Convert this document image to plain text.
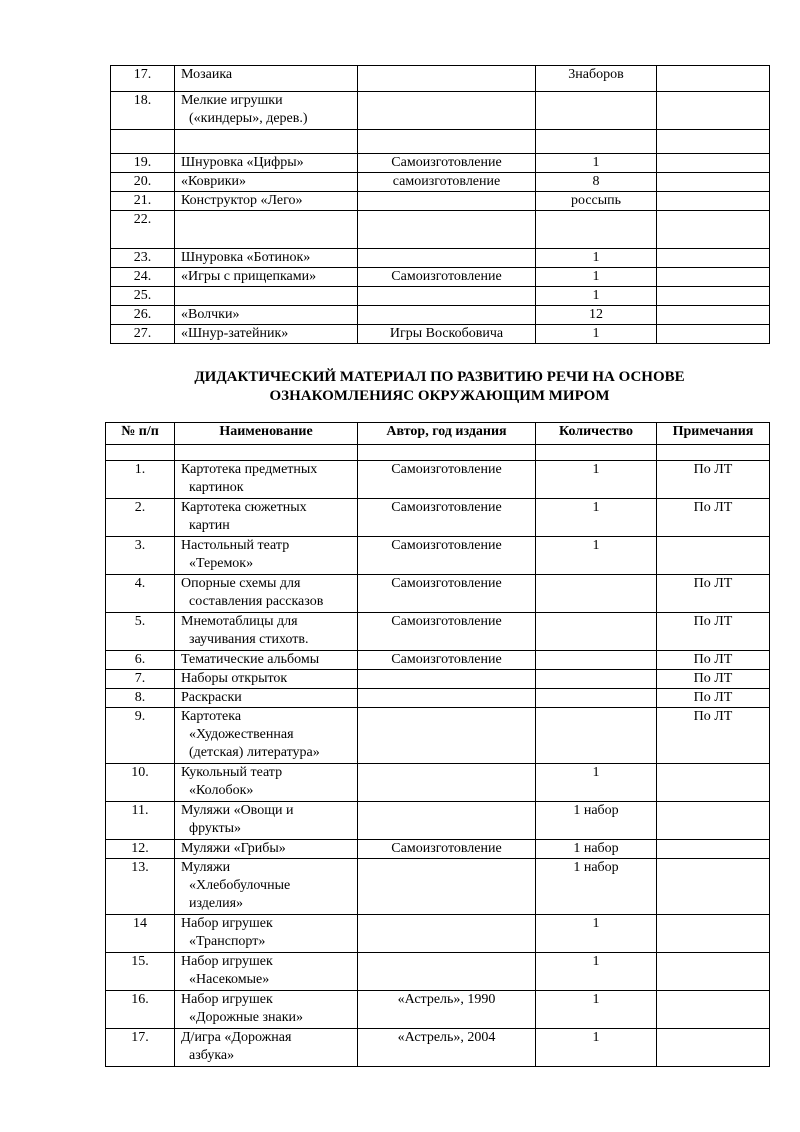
17.	Мозаика		3наборов	
18.	Мелкие игрушки
(«киндеры», дерев.)			

19.	Шнуровка «Цифры»	Самоизготовление	1	
20.	«Коврики»	самоизготовление	8	
21.	Конструктор «Лего»		россыпь	
22.	

23.	Шнуровка «Ботинок»		1	
24.	«Игры с прищепками»	Самоизготовление	1	
25.			1	
26.	«Волчки»		12	
27.	«Шнур-затейник»	Игры Воскобовича	1	
ДИДАКТИЧЕСКИЙ МАТЕРИАЛ ПО РАЗВИТИЮ РЕЧИ НА ОСНОВЕ
ОЗНАКОМЛЕНИЯС ОКРУЖАЮЩИМ МИРОМ
№ п/п	Наименование	Автор, год издания	Количество	Примечания

1.	Картотека предметных
картинок	Самоизготовление	1	По ЛТ
2.	Картотека сюжетных
картин	Самоизготовление	1	По ЛТ
3.	Настольный театр
«Теремок»	Самоизготовление	1	
4.	Опорные схемы для
составления рассказов	Самоизготовление		По ЛТ
5.	Мнемотаблицы для
заучивания стихотв.	Самоизготовление		По ЛТ
6.	Тематические альбомы	Самоизготовление		По ЛТ
7.	Наборы открыток			По ЛТ
8.	Раскраски			По ЛТ
9.	Картотека
«Художественная
(детская) литература»			По ЛТ
10.	Кукольный театр
«Колобок»		1	
11.	Муляжи «Овощи и
фрукты»		1 набор	
12.	Муляжи «Грибы»	Самоизготовление	1 набор	
13.	Муляжи
«Хлебобулочные
изделия»		1 набор	
14	Набор игрушек
«Транспорт»		1	
15.	Набор игрушек
«Насекомые»		1	
16.	Набор игрушек
«Дорожные знаки»	«Астрель», 1990	1	
17.	Д/игра «Дорожная
азбука»	«Астрель», 2004	1	
